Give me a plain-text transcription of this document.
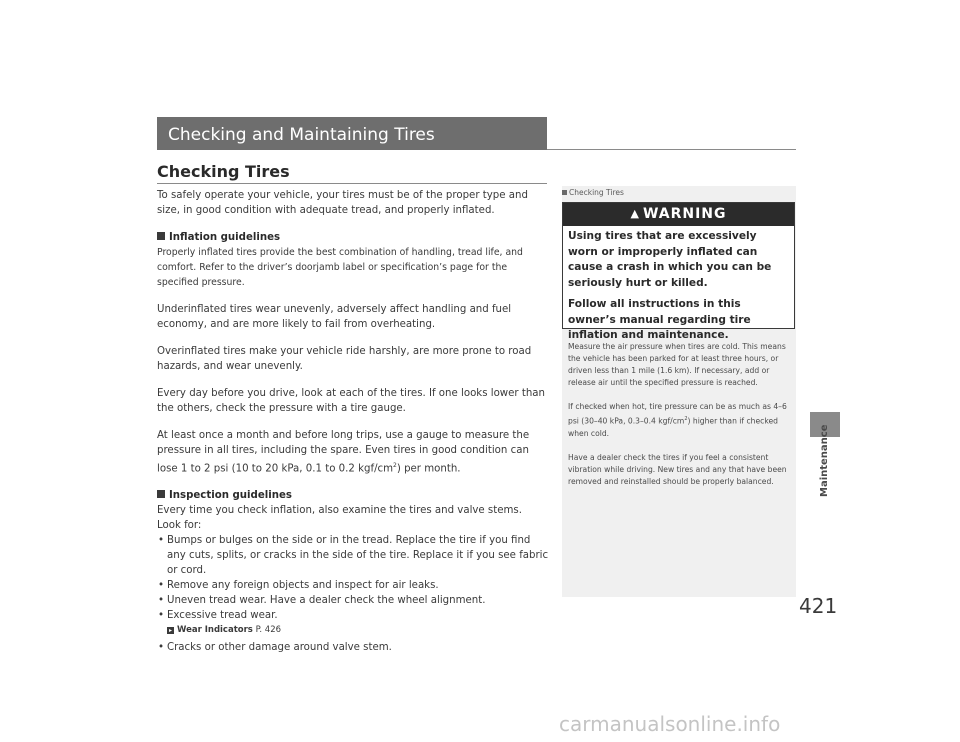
Checking and Maintaining Tires
Checking Tires

To safely operate your vehicle, your tires must be of the proper type and size, in good condition with adequate tread, and properly inflated.

Inflation guidelines

Properly inflated tires provide the best combination of handling, tread life, and comfort. Refer to the driver’s doorjamb label or specification’s page for the specified pressure.

Underinflated tires wear unevenly, adversely affect handling and fuel economy, and are more likely to fail from overheating.

Overinflated tires make your vehicle ride harshly, are more prone to road hazards, and wear unevenly.

Every day before you drive, look at each of the tires. If one looks lower than the others, check the pressure with a tire gauge.

At least once a month and before long trips, use a gauge to measure the pressure in all tires, including the spare. Even tires in good condition can lose 1 to 2 psi (10 to 20 kPa, 0.1 to 0.2 kgf/$cm^2$) per month.

Inspection guidelines

Every time you check inflation, also examine the tires and valve stems.

Look for:

• Bumps or bulges on the side or in the tread. Replace the tire if you find any cuts, splits, or cracks in the side of the tire. Replace it if you see fabric or cord.
• Remove any foreign objects and inspect for air leaks.
• Uneven tread wear. Have a dealer check the wheel alignment.
• Excessive tread wear.
▸ Wear Indicators P. 426
• Cracks or other damage around valve stem.
Checking Tires
▲ WARNING

Using tires that are excessively worn or improperly inflated can cause a crash in which you can be seriously hurt or killed.

Follow all instructions in this owner’s manual regarding tire inflation and maintenance.

Measure the air pressure when tires are cold. This means the vehicle has been parked for at least three hours, or driven less than 1 mile (1.6 km). If necessary, add or release air until the specified pressure is reached.

If checked when hot, tire pressure can be as much as 4–6 psi (30–40 kPa, 0.3–0.4 kgf/$cm^2$) higher than if checked when cold.

Have a dealer check the tires if you feel a consistent vibration while driving. New tires and any that have been removed and reinstalled should be properly balanced.	Maintenance
421
carmanualsonline.info
